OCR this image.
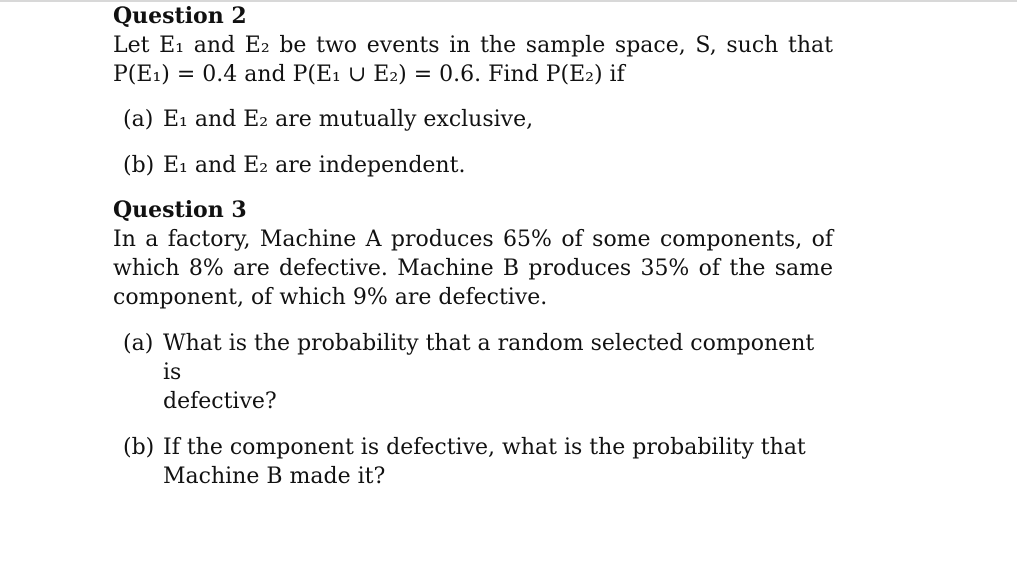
Question 2
Let E₁ and E₂ be two events in the sample space, S, such that
P(E₁) = 0.4 and P(E₁ ∪ E₂) = 0.6. Find P(E₂) if
(a) E₁ and E₂ are mutually exclusive,
(b) E₁ and E₂ are independent.
Question 3
In a factory, Machine A produces 65% of some components, of
which 8% are defective. Machine B produces 35% of the same
component, of which 9% are defective.
(a) What is the probability that a random selected component is
defective?
(b) If the component is defective, what is the probability that
Machine B made it?
